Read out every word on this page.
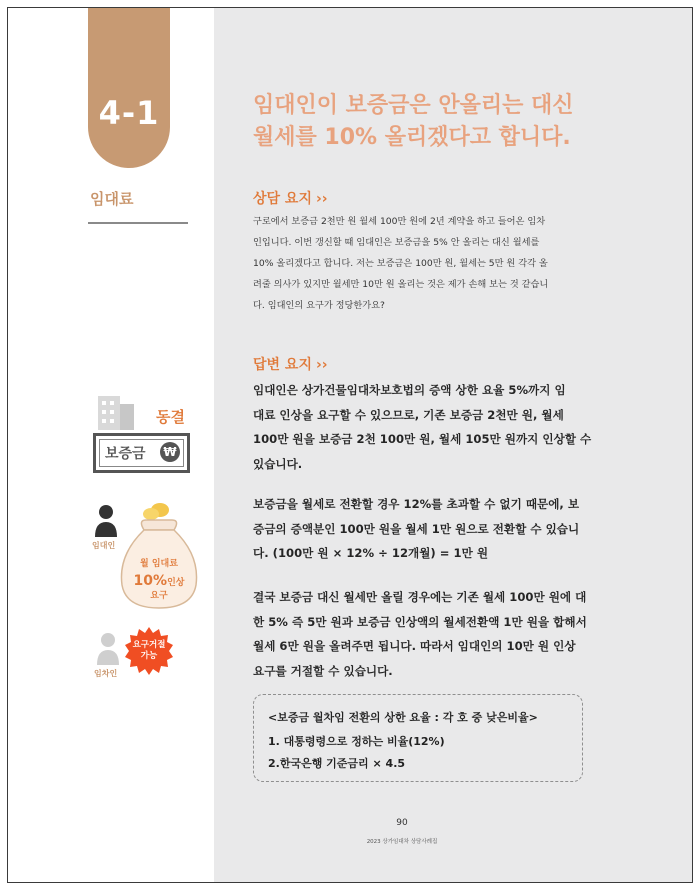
4-1
임대료
동결
보증금 ₩
임대인
월 임대료
10%인상
요구
임차인
요구거절
가능
임대인이 보증금은 안올리는 대신
월세를 10% 올리겠다고 합니다.
상담 요지 ››
구로에서 보증금 2천만 원 월세 100만 원에 2년 계약을 하고 들어온 임차
인입니다. 이번 갱신할 때 임대인은 보증금을 5% 안 올리는 대신 월세를
10% 올리겠다고 합니다. 저는 보증금은 100만 원, 월세는 5만 원 각각 올
려줄 의사가 있지만 월세만 10만 원 올리는 것은 제가 손해 보는 것 같습니
다. 임대인의 요구가 정당한가요?
답변 요지 ››
임대인은 상가건물임대차보호법의 증액 상한 요율 5%까지 임
대료 인상을 요구할 수 있으므로, 기존 보증금 2천만 원, 월세
100만 원을 보증금 2천 100만 원, 월세 105만 원까지 인상할 수
있습니다.
보증금을 월세로 전환할 경우 12%를 초과할 수 없기 때문에, 보
증금의 증액분인 100만 원을 월세 1만 원으로 전환할 수 있습니
다. (100만 원 × 12% ÷ 12개월) = 1만 원
결국 보증금 대신 월세만 올릴 경우에는 기존 월세 100만 원에 대
한 5% 즉 5만 원과 보증금 인상액의 월세전환액 1만 원을 합해서
월세 6만 원을 올려주면 됩니다. 따라서 임대인의 10만 원 인상
요구를 거절할 수 있습니다.
<보증금 월차임 전환의 상한 요율 : 각 호 중 낮은비율>
1. 대통령령으로 정하는 비율(12%)
2.한국은행 기준금리 × 4.5
90
2023 상가임대차 상담사례집
